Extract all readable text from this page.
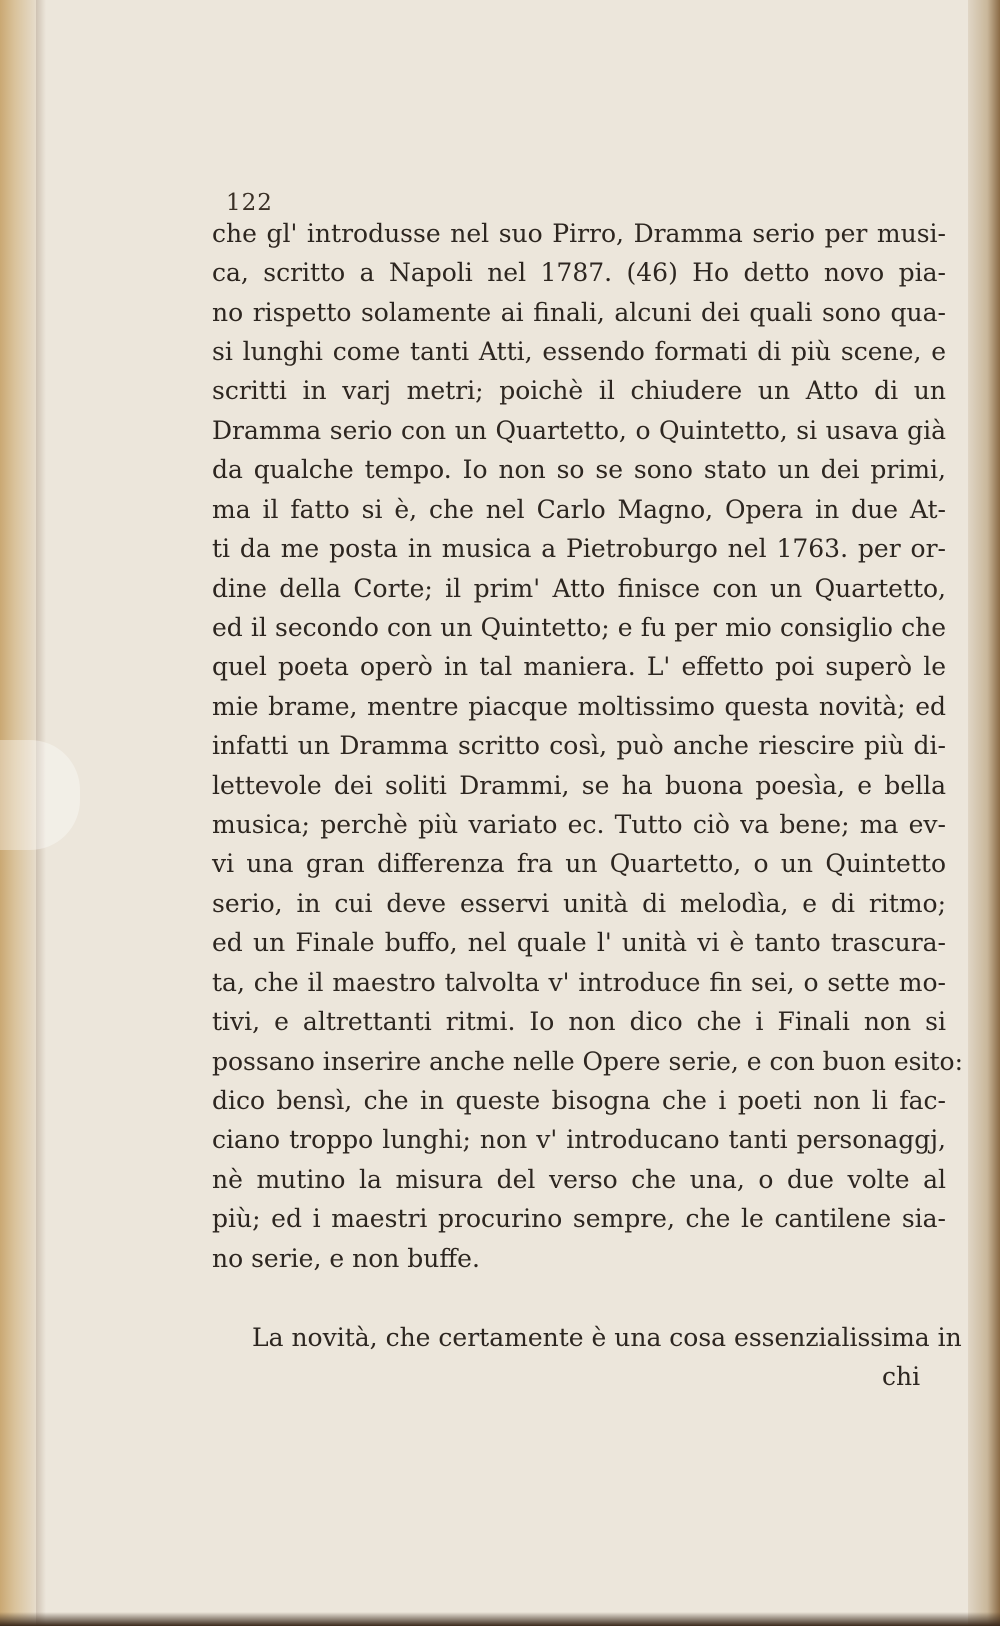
122
che gl' introdusse nel suo Pirro, Dramma serio per musi-
ca, scritto a Napoli nel 1787. (46) Ho detto novo pia-
no rispetto solamente ai finali, alcuni dei quali sono qua-
si lunghi come tanti Atti, essendo formati di più scene, e
scritti in varj metri; poichè il chiudere un Atto di un
Dramma serio con un Quartetto, o Quintetto, si usava già
da qualche tempo. Io non so se sono stato un dei primi,
ma il fatto si è, che nel Carlo Magno, Opera in due At-
ti da me posta in musica a Pietroburgo nel 1763. per or-
dine della Corte; il prim' Atto finisce con un Quartetto,
ed il secondo con un Quintetto; e fu per mio consiglio che
quel poeta operò in tal maniera. L' effetto poi superò le
mie brame, mentre piacque moltissimo questa novità; ed
infatti un Dramma scritto così, può anche riescire più di-
lettevole dei soliti Drammi, se ha buona poesìa, e bella
musica; perchè più variato ec. Tutto ciò va bene; ma ev-
vi una gran differenza fra un Quartetto, o un Quintetto
serio, in cui deve esservi unità di melodìa, e di ritmo;
ed un Finale buffo, nel quale l' unità vi è tanto trascura-
ta, che il maestro talvolta v' introduce fin sei, o sette mo-
tivi, e altrettanti ritmi. Io non dico che i Finali non si
possano inserire anche nelle Opere serie, e con buon esito:
dico bensì, che in queste bisogna che i poeti non li fac-
ciano troppo lunghi; non v' introducano tanti personaggj,
nè mutino la misura del verso che una, o due volte al
più; ed i maestri procurino sempre, che le cantilene sia-
no serie, e non buffe.
La novità, che certamente è una cosa essenzialissima in
chi
